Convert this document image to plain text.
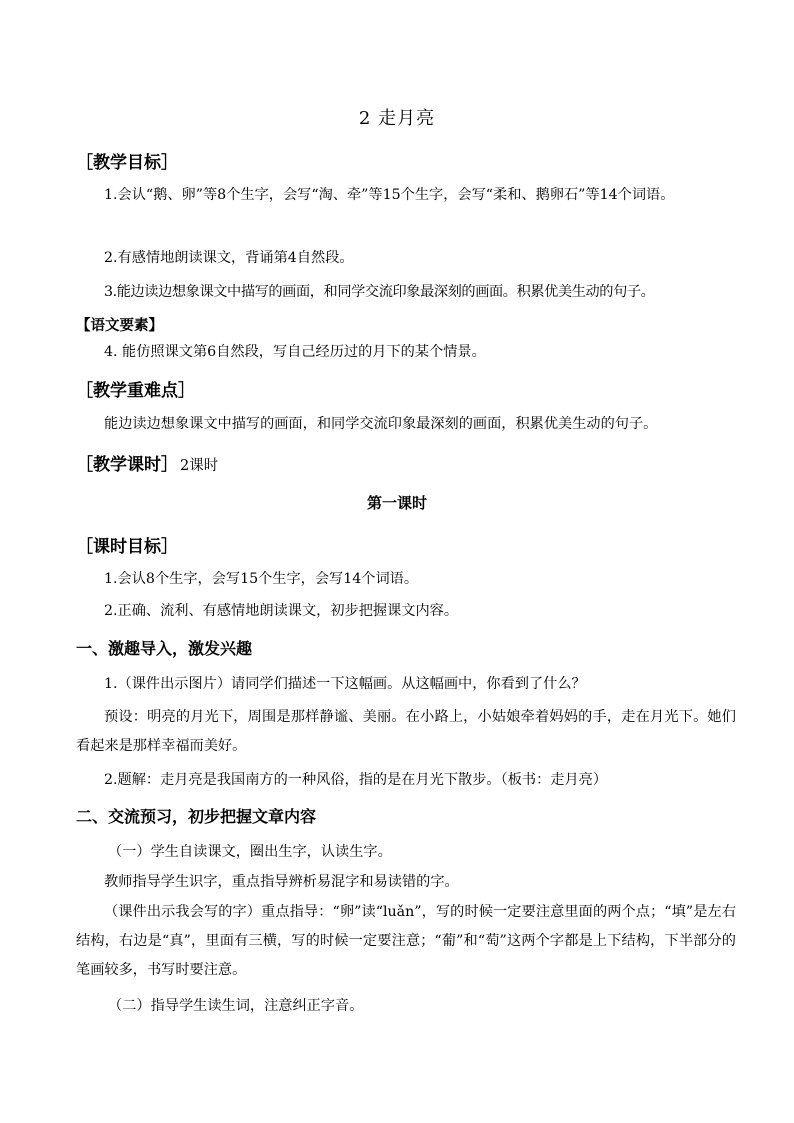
2 走月亮
［教学目标］
1.会认“鹅、卵”等8个生字，会写“淘、牵”等15个生字，会写“柔和、鹅卵石”等14个词语。
2.有感情地朗读课文，背诵第4自然段。
3.能边读边想象课文中描写的画面，和同学交流印象最深刻的画面。积累优美生动的句子。
【语文要素】
4. 能仿照课文第6自然段，写自己经历过的月下的某个情景。
［教学重难点］
能边读边想象课文中描写的画面，和同学交流印象最深刻的画面，积累优美生动的句子。
［教学课时］ 2课时
第一课时
［课时目标］
1.会认8个生字，会写15个生字，会写14个词语。
2.正确、流利、有感情地朗读课文，初步把握课文内容。
一、激趣导入，激发兴趣
1.（课件出示图片）请同学们描述一下这幅画。从这幅画中，你看到了什么？
预设：明亮的月光下，周围是那样静谧、美丽。在小路上，小姑娘牵着妈妈的手，走在月光下。她们看起来是那样幸福而美好。
2.题解：走月亮是我国南方的一种风俗，指的是在月光下散步。（板书：走月亮）
二、交流预习，初步把握文章内容
（一）学生自读课文，圈出生字，认读生字。
教师指导学生识字，重点指导辨析易混字和易读错的字。
（课件出示我会写的字）重点指导：“卵”读“luǎn”，写的时候一定要注意里面的两个点；“填”是左右结构，右边是“真”，里面有三横，写的时候一定要注意；“葡”和“萄”这两个字都是上下结构，下半部分的笔画较多，书写时要注意。
（二）指导学生读生词，注意纠正字音。
